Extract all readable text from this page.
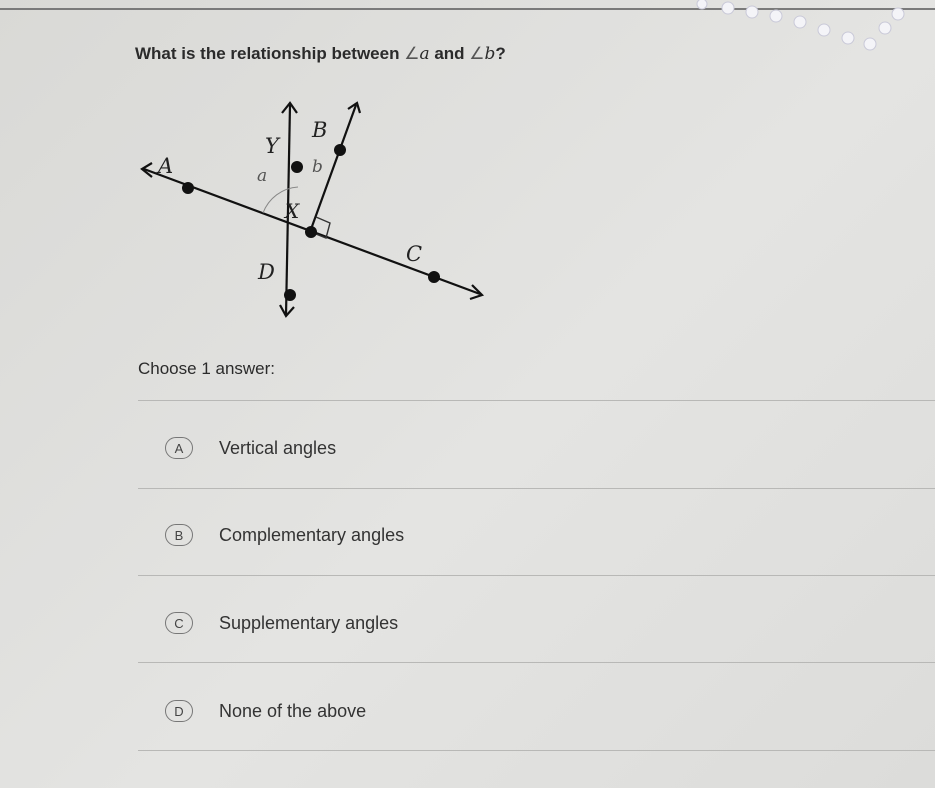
What is the relationship between ∠a and ∠b?
A
B
Y
X
C
D
a	b
Choose 1 answer:
A	Vertical angles
B	Complementary angles
C	Supplementary angles
D	None of the above
